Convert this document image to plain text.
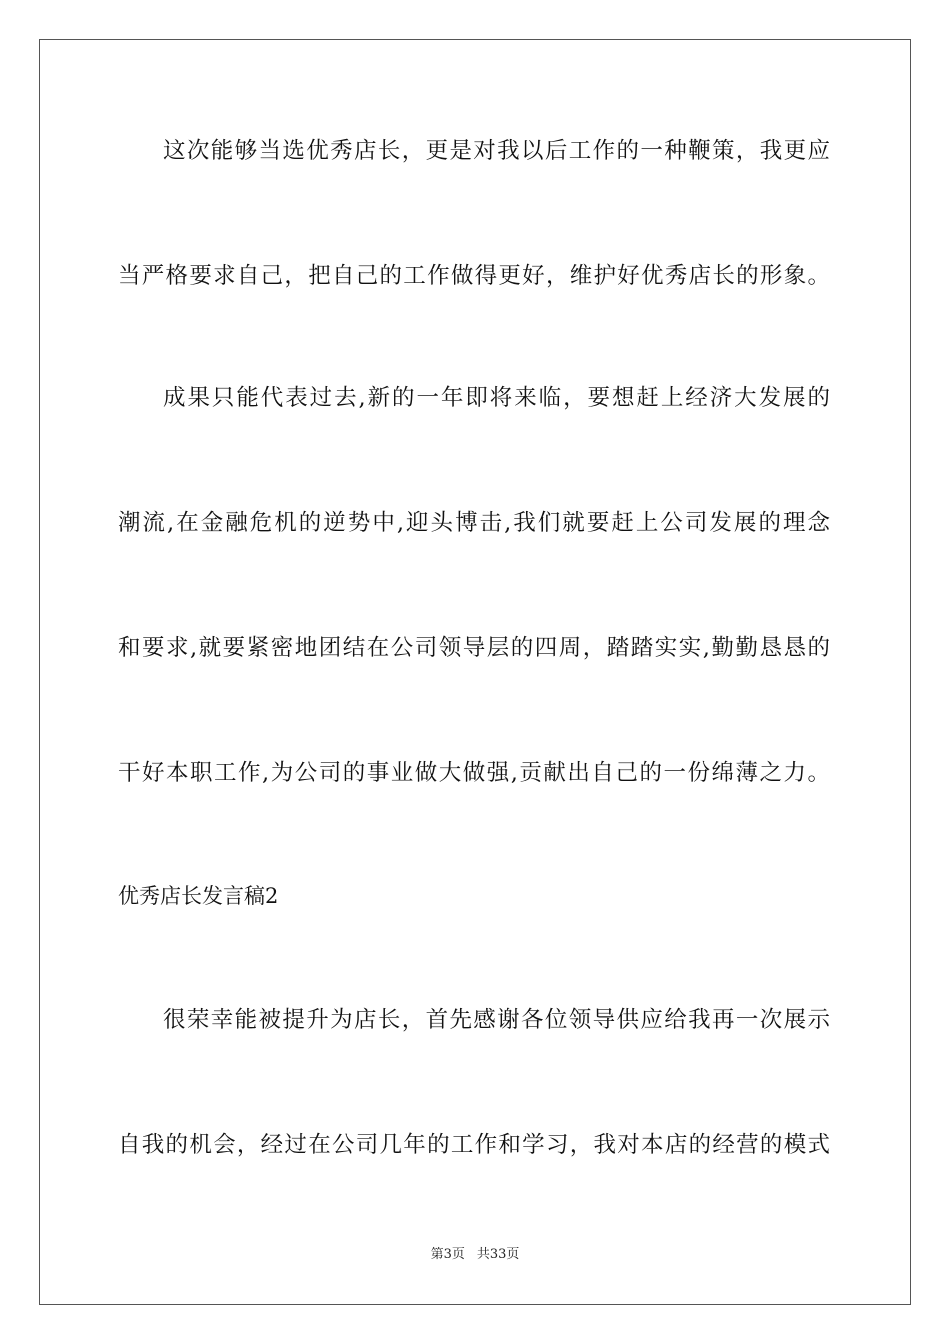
这次能够当选优秀店长，更是对我以后工作的一种鞭策，我更应
当严格要求自己，把自己的工作做得更好，维护好优秀店长的形象。
成果只能代表过去,新的一年即将来临，要想赶上经济大发展的
潮流,在金融危机的逆势中,迎头博击,我们就要赶上公司发展的理念
和要求,就要紧密地团结在公司领导层的四周，踏踏实实,勤勤恳恳的
干好本职工作,为公司的事业做大做强,贡献出自己的一份绵薄之力。
优秀店长发言稿2
很荣幸能被提升为店长，首先感谢各位领导供应给我再一次展示
自我的机会，经过在公司几年的工作和学习，我对本店的经营的模式
第3页 共33页
